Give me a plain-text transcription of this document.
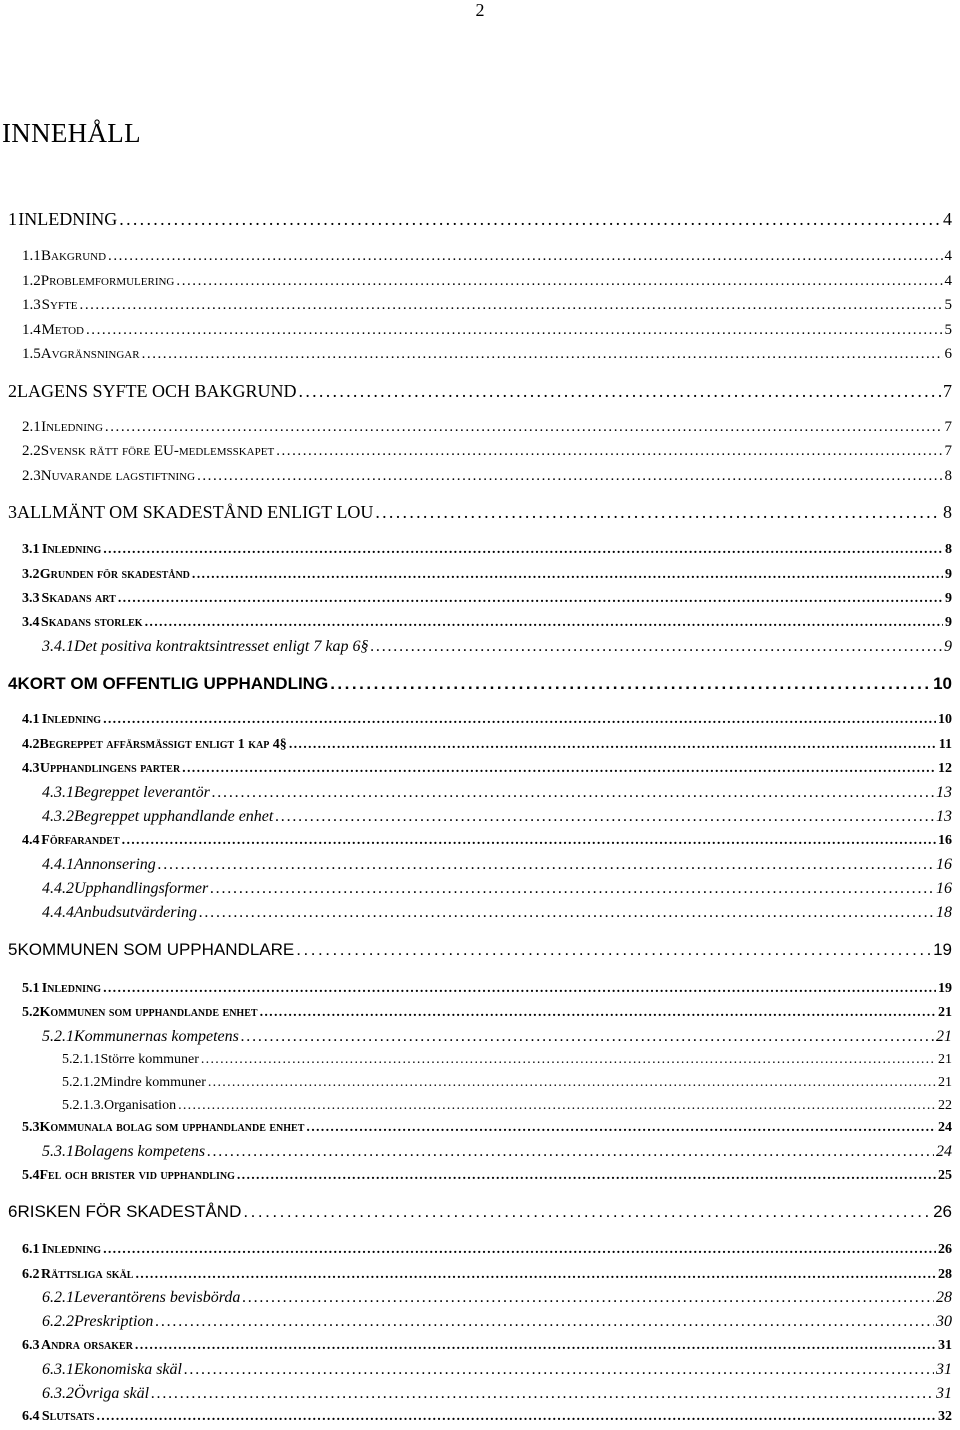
2
INNEHÅLL
1 INLEDNING . . .	4
1.1 Bakgrund . . .	4
1.2 Problemformulering . . .	4
1.3 Syfte . . .	5
1.4 Metod . . .	5
1.5 Avgränsningar . . .	6
2 LAGENS SYFTE OCH BAKGRUND . . .	7
2.1 Inledning . . .	7
2.2 Svensk rätt före EU-medlemsskapet . . .	7
2.3 Nuvarande lagstiftning . . .	8
3 ALLMÄNT OM SKADESTÅND ENLIGT LOU . . .	8
3.1 Inledning . . .	8
3.2 Grunden för skadestånd . . .	9
3.3 Skadans art . . .	9
3.4 Skadans storlek . . .	9
3.4.1 Det positiva kontraktsintresset enligt 7 kap 6§ . . .	9
4 KORT OM OFFENTLIG UPPHANDLING . . .	10
4.1 Inledning . . .	10
4.2 Begreppet affärsmässigt enligt 1 kap 4§ . . .	11
4.3 Upphandlingens parter . . .	12
4.3.1 Begreppet leverantör . . .	13
4.3.2 Begreppet upphandlande enhet . . .	13
4.4 Förfarandet . . .	16
4.4.1 Annonsering . . .	16
4.4.2 Upphandlingsformer . . .	16
4.4.4 Anbudsutvärdering . . .	18
5 KOMMUNEN SOM UPPHANDLARE . . .	19
5.1 Inledning . . .	19
5.2 Kommunen som upphandlande enhet . . .	21
5.2.1 Kommunernas kompetens . . .	21
5.2.1.1 Större kommuner . . .	21
5.2.1.2 Mindre kommuner . . .	21
5.2.1.3. Organisation . . .	22
5.3 Kommunala bolag som upphandlande enhet . . .	24
5.3.1 Bolagens kompetens . . .	24
5.4 Fel och brister vid upphandling . . .	25
6 RISKEN FÖR SKADESTÅND . . .	26
6.1 Inledning . . .	26
6.2 Rättsliga skäl . . .	28
6.2.1 Leverantörens bevisbörda . . .	28
6.2.2 Preskription . . .	30
6.3 Andra orsaker . . .	31
6.3.1 Ekonomiska skäl . . .	31
6.3.2 Övriga skäl . . .	31
6.4 Slutsats . . .	32
